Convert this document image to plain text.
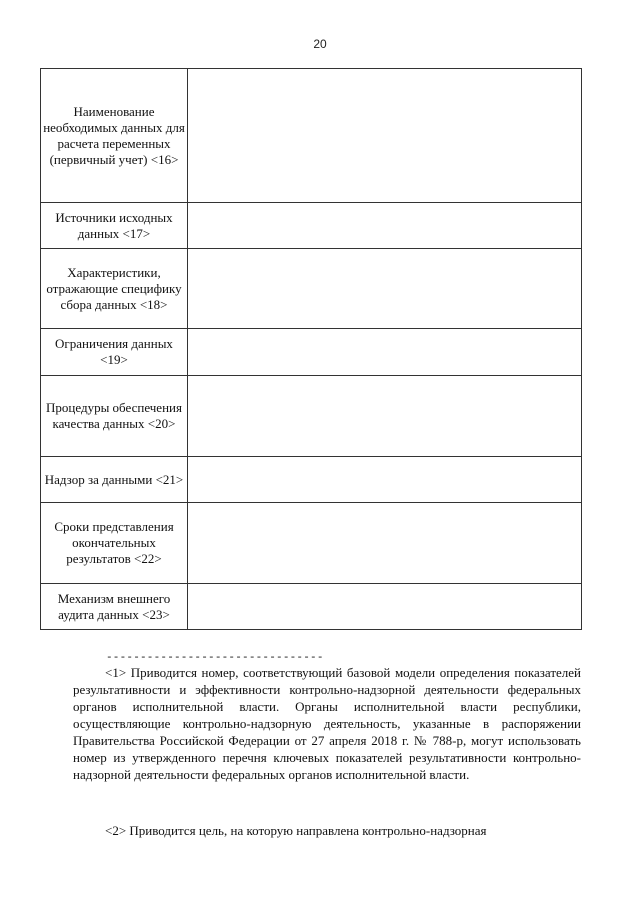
20
Наименование необходимых данных для расчета переменных (первичный учет) <16>	
Источники исходных данных <17>	
Характеристики, отражающие специфику сбора данных <18>	
Ограничения данных <19>	
Процедуры обеспечения качества данных <20>	
Надзор за данными <21>	
Сроки представления окончательных результатов <22>	
Механизм внешнего аудита данных <23>	
--------------------------------

<1> Приводится номер, соответствующий базовой модели определения показателей результативности и эффективности контрольно-надзорной деятельности федеральных органов исполнительной власти. Органы исполнительной власти республики, осуществляющие контрольно-надзорную деятельность, указанные в распоряжении Правительства Российской Федерации от 27 апреля 2018 г. № 788-р, могут использовать номер из утвержденного перечня ключевых показателей результативности контрольно-надзорной деятельности федеральных органов исполнительной власти.

<2> Приводится цель, на которую направлена контрольно-надзорная
